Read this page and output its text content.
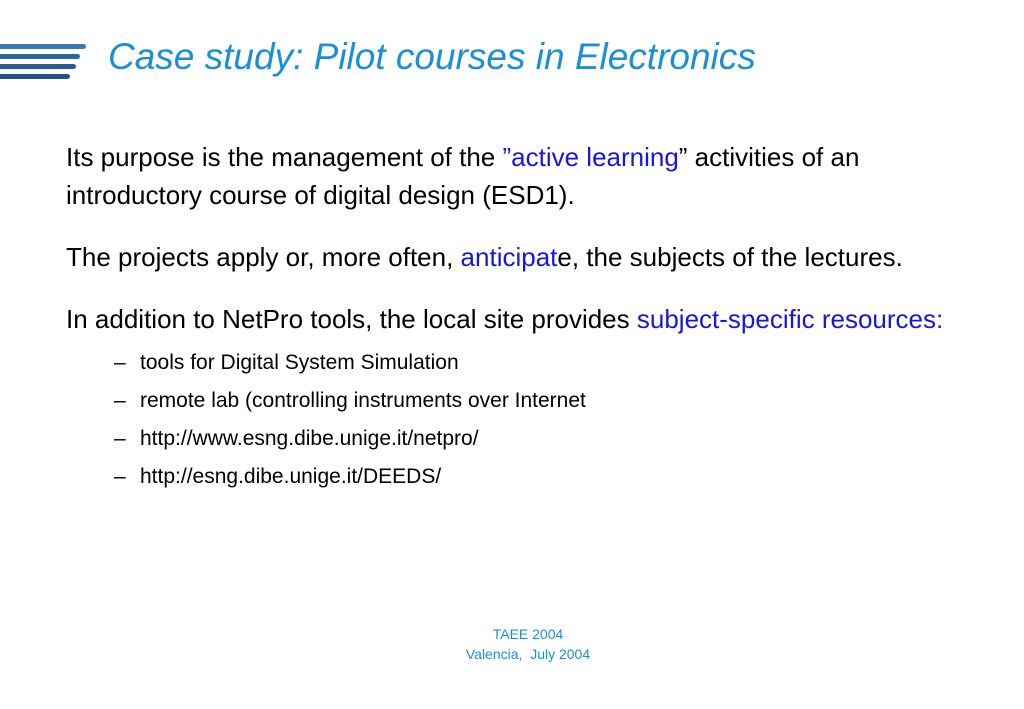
Case study: Pilot courses in Electronics

Its purpose is the management of the ”active learning” activities of an introductory course of digital design (ESD1).

The projects apply or, more often, anticipate, the subjects of the lectures.

In addition to NetPro tools, the local site provides subject-specific resources:

– tools for Digital System Simulation
– remote lab (controlling instruments over Internet
– http://www.esng.dibe.unige.it/netpro/
– http://esng.dibe.unige.it/DEEDS/
TAEE 2004
Valencia,  July 2004
